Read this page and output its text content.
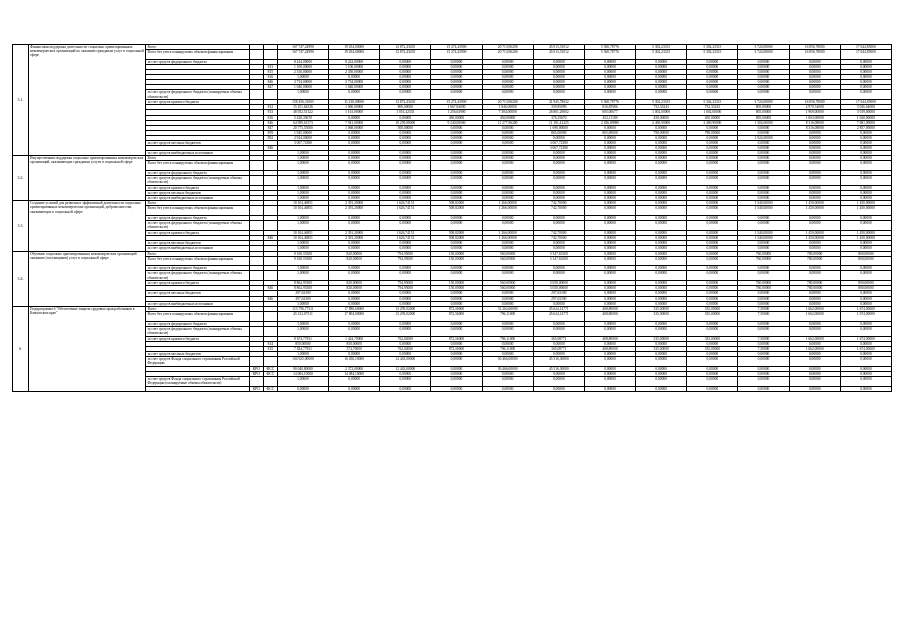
3.1.	Финансовая поддержка деятельности социально ориентированных некоммерческих организаций по оказанию гражданам услуг в социальной сфере	Всего			167 747,24990	19 454,00000	12 872,43435	15 274,43900	20 713,96200	45 013,51012	5 560,78776	5 302,23315	5 302,23315	3 724,00000	16 856,78000	17 644,85000
		Всего без учета планируемых объемов финансирования			167 747,24990	19 454,00000	12 872,43435	15 274,43900	20 713,96200	45 013,51012	5 560,78776	5 302,23315	5 302,23315	3 724,00000	16 856,78000	17 644,85000
		за счет средств федерального бюджета			8 224,00000	8 224,00000	0,00000	0,00000	0,00000	0,00000	0,00000	0,00000	0,00000	0,00000	0,00000	0,00000
				813	1 100,00000	1 100,00000	0,00000	0,00000	0,00000	0,00000	0,00000	0,00000	0,00000	0,00000	0,00000	0,00000
				815	2 350,00000	2 350,00000	0,00000	0,00000	0,00000	0,00000	0,00000	0,00000	0,00000	0,00000	0,00000	0,00000
				816	1,00000	0,00000	0,00000	0,00000	0,00000	0,00000	0,00000	0,00000	0,00000	0,00000	0,00000	0,00000
				846	3 734,00000	3 734,00000	0,00000	0,00000	0,00000	0,00000	0,00000	0,00000	0,00000	0,00000	0,00000	0,00000
				847	1 040,00000	1 040,00000	0,00000	0,00000	0,00000	0,00000	0,00000	0,00000	0,00000	0,00000	0,00000	0,00000
		за счет средств федерального бюджета (планируемые объемы обязательств)			1,00000	0,00000	0,00000	0,00000	0,00000	0,00000	0,00000	0,00000	0,00000	0,00000	0,00000	0,00000
		за счет средств краевого бюджета			158 456,31005	11 230,00000	12 872,43435	15 274,43900	20 713,96200	41 945,78632	5 560,78776	5 302,23315	5 302,23315	3 724,00000	16 856,78000	17 644,85000
				812	15 251,64526	1 060,00000	800,00000	1 667,84000	1 846,00000	359,85090	816,85986	752,33243	752,33243	805,00000	2 970,54000	3 026,64000
				813	48 052,51322	1 161,00000	1 051,42335	1 256,63900	7 384,00000	26 801,29002	605,00677	1 002,00000	1 002,00000	805,00000	1 969,00000	3 019,00000
				816	5 420,35670	0,00000	0,00000	450,00000	450,00000	376,35670	452,11109	450,00000	450,00000	805,00000	1 063,00000	1 020,00000
				846	64 099,61573	7 941,00000	10 259,00000	9 240,00000	11 277,96200	11 181,41225	2 456,89980	2 469,90000	2 469,90000	1 304,00000	8 316,08000	7 681,09000
				847	20 775,55000	1 068,00000	500,00000	0,00000	0,00000	1 690,00000	0,00000	0,00000	0,00000	0,00000	8 316,08000	2 857,00000
				859	1 945,00000	0,00000	0,00000	0,00000	0,00000	865,00000	865,00000	798,00000	798,00000	0,00000	0,00000	0,00000
				892	2 924,00000	0,00000	0,00000	0,00000	0,00000	0,00000	0,00000	0,00000	0,00000	1 924,00000	0,00000	0,00000
		за счет средств местных бюджетов			3 067,72380	0,00000	0,00000	0,00000	0,00000	3 067,72380	0,00000	0,00000	0,00000	0,00000	0,00000	0,00000
				846						3 067,72380	0,00000	0,00000	0,00000	0,00000	0,00000	0,00000
		за счет средств внебюджетных источников			1,00000	0,00000	0,00000	0,00000	0,00000	0,00000	0,00000	0,00000	0,00000	0,00000	0,00000	0,00000
3.2.	Имущественная поддержка социально ориентированных некоммерческих организаций, оказывающих гражданам услуги в социальной сфере	Всего			1,00000	0,00000	0,00000	0,00000	0,00000	0,00000	0,00000	0,00000	0,00000	0,00000	0,00000	0,00000
		Всего без учета планируемых объемов финансирования			1,00000	0,00000	0,00000	0,00000	0,00000	0,00000	0,00000	0,00000	0,00000	0,00000	0,00000	0,00000
		за счет средств федерального бюджета			1,00000	0,00000	0,00000	0,00000	0,00000	0,00000	0,00000	0,00000	0,00000	0,00000	0,00000	0,00000
		за счет средств федерального бюджета (планируемые объемы обязательств)			1,00000	0,00000	0,00000	0,00000	0,00000	0,00000	0,00000	0,00000	0,00000	0,00000	0,00000	0,00000
		за счет средств краевого бюджета			1,00000	0,00000	0,00000	0,00000	0,00000	0,00000	0,00000	0,00000	0,00000	0,00000	0,00000	0,00000
		за счет средств местных бюджетов			1,00000	0,00000	0,00000	0,00000	0,00000	0,00000	0,00000	0,00000	0,00000	0,00000	0,00000	0,00000
		за счет средств внебюджетных источников			1,00000	0,00000	0,00000	0,00000	0,00000	0,00000	0,00000	0,00000	0,00000	0,00000	0,00000	0,00000
3.3.	Создание условий для развития и эффективной деятельности социально ориентированных некоммерческих организаций, добровольчества, оказывающих в социальной сфере	Всего			10 104,46851	2 391,20000	1 626,74151	508,82000	1 266,00000	742,70000	0,00000	0,00000	0,00000	1 540,00000	1 450,00000	1 450,00000
		Всего без учета планируемых объемов финансирования			10 104,46851	2 391,20000	1 626,74151	508,82000	1 266,00000	742,70000	0,00000	0,00000	0,00000	1 540,00000	1 450,00000	1 450,00000
		за счет средств федерального бюджета			1,00000	0,00000	0,00000	0,00000	0,00000	0,00000	0,00000	0,00000	0,00000	0,00000	0,00000	0,00000
		за счет средств федерального бюджета (планируемые объемы обязательств)			1,00000	0,00000	0,00000	0,00000	0,00000	0,00000	0,00000	0,00000	0,00000	0,00000	0,00000	0,00000
		за счет средств краевого бюджета			10 104,46851	2 391,20000	1 626,74151	508,82000	1 266,00000	742,70000	0,00000	0,00000	0,00000	1 540,00000	1 450,00000	1 450,00000
				846	10 104,46851	2 391,20000	1 626,74151	508,82000	1 266,00000	742,70000	0,00000	0,00000	0,00000	1 540,00000	1 450,00000	1 450,00000
		за счет средств местных бюджетов			1,00000	0,00000	0,00000	0,00000	0,00000	0,00000	0,00000	0,00000	0,00000	0,00000	0,00000	0,00000
		за счет средств внебюджетных источников			1,00000	0,00000	0,00000	0,00000	0,00000	0,00000	0,00000	0,00000	0,00000	0,00000	0,00000	0,00000
3.4.	Обучение социально ориентированных некоммерческих организаций оказанию (поставщиков) услуг в социальной сфере	Всего			9 160,55300	820,00000	794,95000	150,00000	560,00000	5 347,63300	0,00000	0,00000	0,00000	760,00000	780,00000	800,00000
		Всего без учета планируемых объемов финансирования			9 160,55300	820,00000	794,95000	150,00000	560,00000	5 347,63300	0,00000	0,00000	0,00000	760,00000	780,00000	800,00000
		за счет средств федерального бюджета			1,00000	0,00000	0,00000	0,00000	0,00000	0,00000	0,00000	0,00000	0,00000	0,00000	0,00000	0,00000
		за счет средств федерального бюджета (планируемые объемы обязательств)			1,00000	0,00000	0,00000	0,00000	0,00000	0,00000	0,00000	0,00000	0,00000	0,00000	0,00000	0,00000
		за счет средств краевого бюджета			8 862,95300	820,00000	794,95000	150,00000	560,00000	5 050,00000	0,00000	0,00000	0,00000	760,00000	780,00000	800,00000
				846	8 862,95300	820,00000	794,95000	150,00000	560,00000	5 050,00000	0,00000	0,00000	0,00000	760,00000	780,00000	800,00000
		за счет средств местных бюджетов			297,63300	0,00000	0,00000	0,00000	0,00000	297,63300	0,00000	0,00000	0,00000	0,00000	0,00000	0,00000
				846	297,63300	0,00000	0,00000	0,00000	0,00000	297,63300	0,00000	0,00000	0,00000	0,00000	0,00000	0,00000
		за счет средств внебюджетных источников			1,00000	0,00000	0,00000	0,00000	0,00000	0,00000	0,00000	0,00000	0,00000	0,00000	0,00000	0,00000
6.	Подпрограмма 6 "Обеспечение защиты трудовых прав работников в Камчатском крае"	Всего			113 796,77311	17 880,60000	13 295,02000	872,56000	31 262,60000	45 624,14771	408,80000	335,00000	335,00000	7,50000	1 662,00000	1 674,00000
		Всего без учета планируемых объемов финансирования			45 132,07311	17 804,00000	13 295,02000	872,56000	796,11000	45 624,14771	408,80000	335,00000	335,00000	7,50000	1 662,00000	1 674,00000
		за счет средств федерального бюджета			1,00000	0,00000	0,00000	0,00000	0,00000	0,00000	0,00000	0,00000	0,00000	0,00000	0,00000	0,00000
		за счет средств федерального бюджета (планируемые объемы обязательств)			1,00000	0,00000	0,00000	0,00000	0,00000	0,00000	0,00000	0,00000	0,00000	0,00000	0,00000	0,00000
		за счет средств краевого бюджета			8 674,77811	1 424,70000	762,02000	872,56000	796,11000	365,08771	408,80000	335,00000	335,00000	7,50000	1 662,00000	1 674,00000
				814	850,00000	850,00000	0,00000	0,00000	0,00000	0,00000	0,00000	0,00000	0,00000	0,00000	0,00000	0,00000
				815	7 824,77811	574,70000	762,02000	872,56000	796,11000	365,08771	408,80000	335,00000	335,00000	7,50000	1 662,00000	1 674,00000
		за счет средств местных бюджетов			1,00000	0,00000	0,00000	0,00000	0,00000	0,00000	0,00000	0,00000	0,00000	0,00000	0,00000	0,00000
		за счет средств Фонда социального страхования Российской Федерации			104 925,00000	16 456,10000	12 443,00000	0,00000	30 466,00000	45 516,30000	0,00000	0,00000	0,00000	0,00000	0,00000	0,00000
			КРО	ФСС	90 040,80000	2 372,00000	12 443,00000	0,00000	30 466,00000	45 516,30000	0,00000	0,00000	0,00000	0,00000	0,00000	0,00000
			КРО	ФСС	14 084,10000	14 084,10000	0,00000	0,00000	0,00000	0,00000	0,00000	0,00000	0,00000	0,00000	0,00000	0,00000
		за счет средств Фонда социального страхования Российской Федерации (планируемые объемы обязательств)			1,00000	0,00000	0,00000	0,00000	0,00000	0,00000	0,00000	0,00000	0,00000	0,00000	0,00000	0,00000
			КРО	ФСС	0,00000	0,00000	0,00000	0,00000	0,00000	0,00000	0,00000	0,00000	0,00000	0,00000	0,00000	0,00000
